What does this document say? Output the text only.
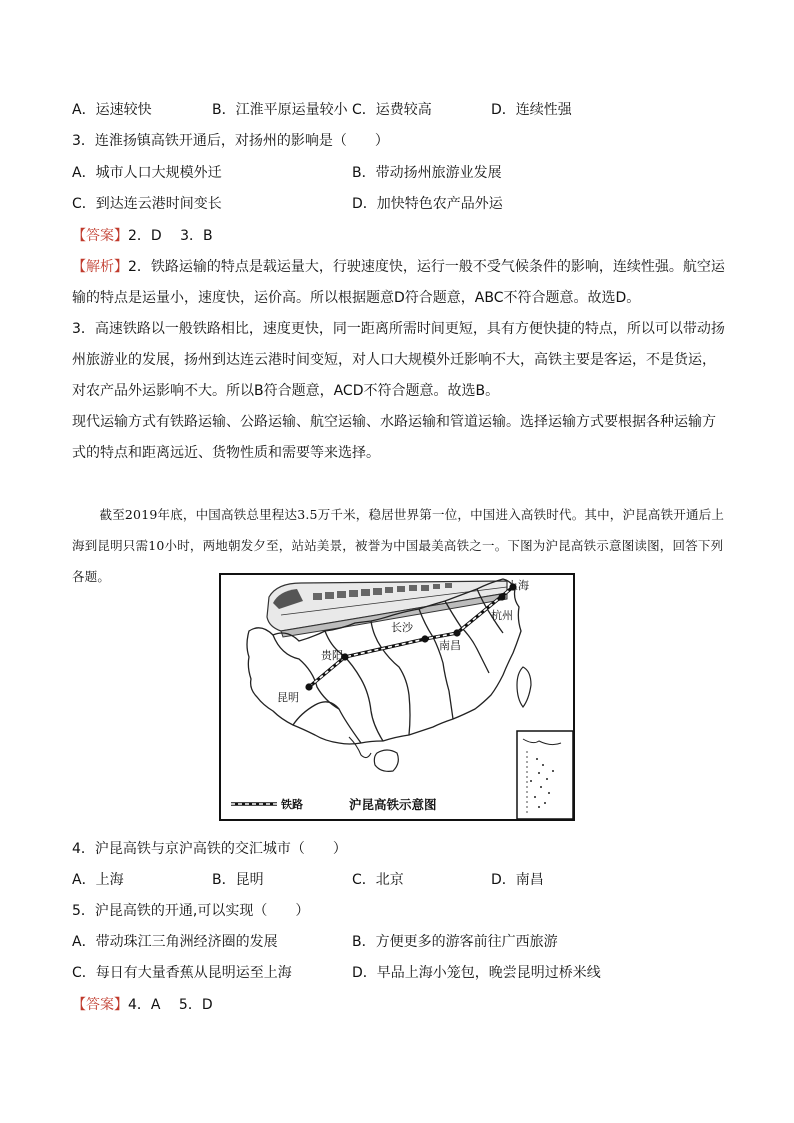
A．运速较快	B．江淮平原运量较小 C．运费较高	D．连续性强
3．连淮扬镇高铁开通后，对扬州的影响是（　　）
A．城市人口大规模外迁	B．带动扬州旅游业发展
C．到达连云港时间变长	D．加快特色农产品外运
【答案】2．D　 3．B
【解析】2．铁路运输的特点是载运量大，行驶速度快，运行一般不受气候条件的影响，连续性强。航空运输的特点是运量小，速度快，运价高。所以根据题意D符合题意，ABC不符合题意。故选D。
3．高速铁路以一般铁路相比，速度更快，同一距离所需时间更短，具有方便快捷的特点，所以可以带动扬州旅游业的发展，扬州到达连云港时间变短，对人口大规模外迁影响不大，高铁主要是客运，不是货运，对农产品外运影响不大。所以B符合题意，ACD不符合题意。故选B。
现代运输方式有铁路运输、公路运输、航空运输、水路运输和管道运输。选择运输方式要根据各种运输方式的特点和距离远近、货物性质和需要等来选择。
截至2019年底，中国高铁总里程达3.5万千米，稳居世界第一位，中国进入高铁时代。其中，沪昆高铁开通后上海到昆明只需10小时，两地朝发夕至，站站美景，被誉为中国最美高铁之一。下图为沪昆高铁示意图读图，回答下列各题。
上海
杭州
南昌
长沙
贵阳
昆明
铁路	沪昆高铁示意图
4．沪昆高铁与京沪高铁的交汇城市（　　）
A．上海	B．昆明	C．北京	D．南昌
5．沪昆高铁的开通,可以实现（　　）
A．带动珠江三角洲经济圈的发展	B．方便更多的游客前往广西旅游
C．每日有大量香蕉从昆明运至上海	D．早品上海小笼包，晚尝昆明过桥米线
【答案】4．A　 5．D
